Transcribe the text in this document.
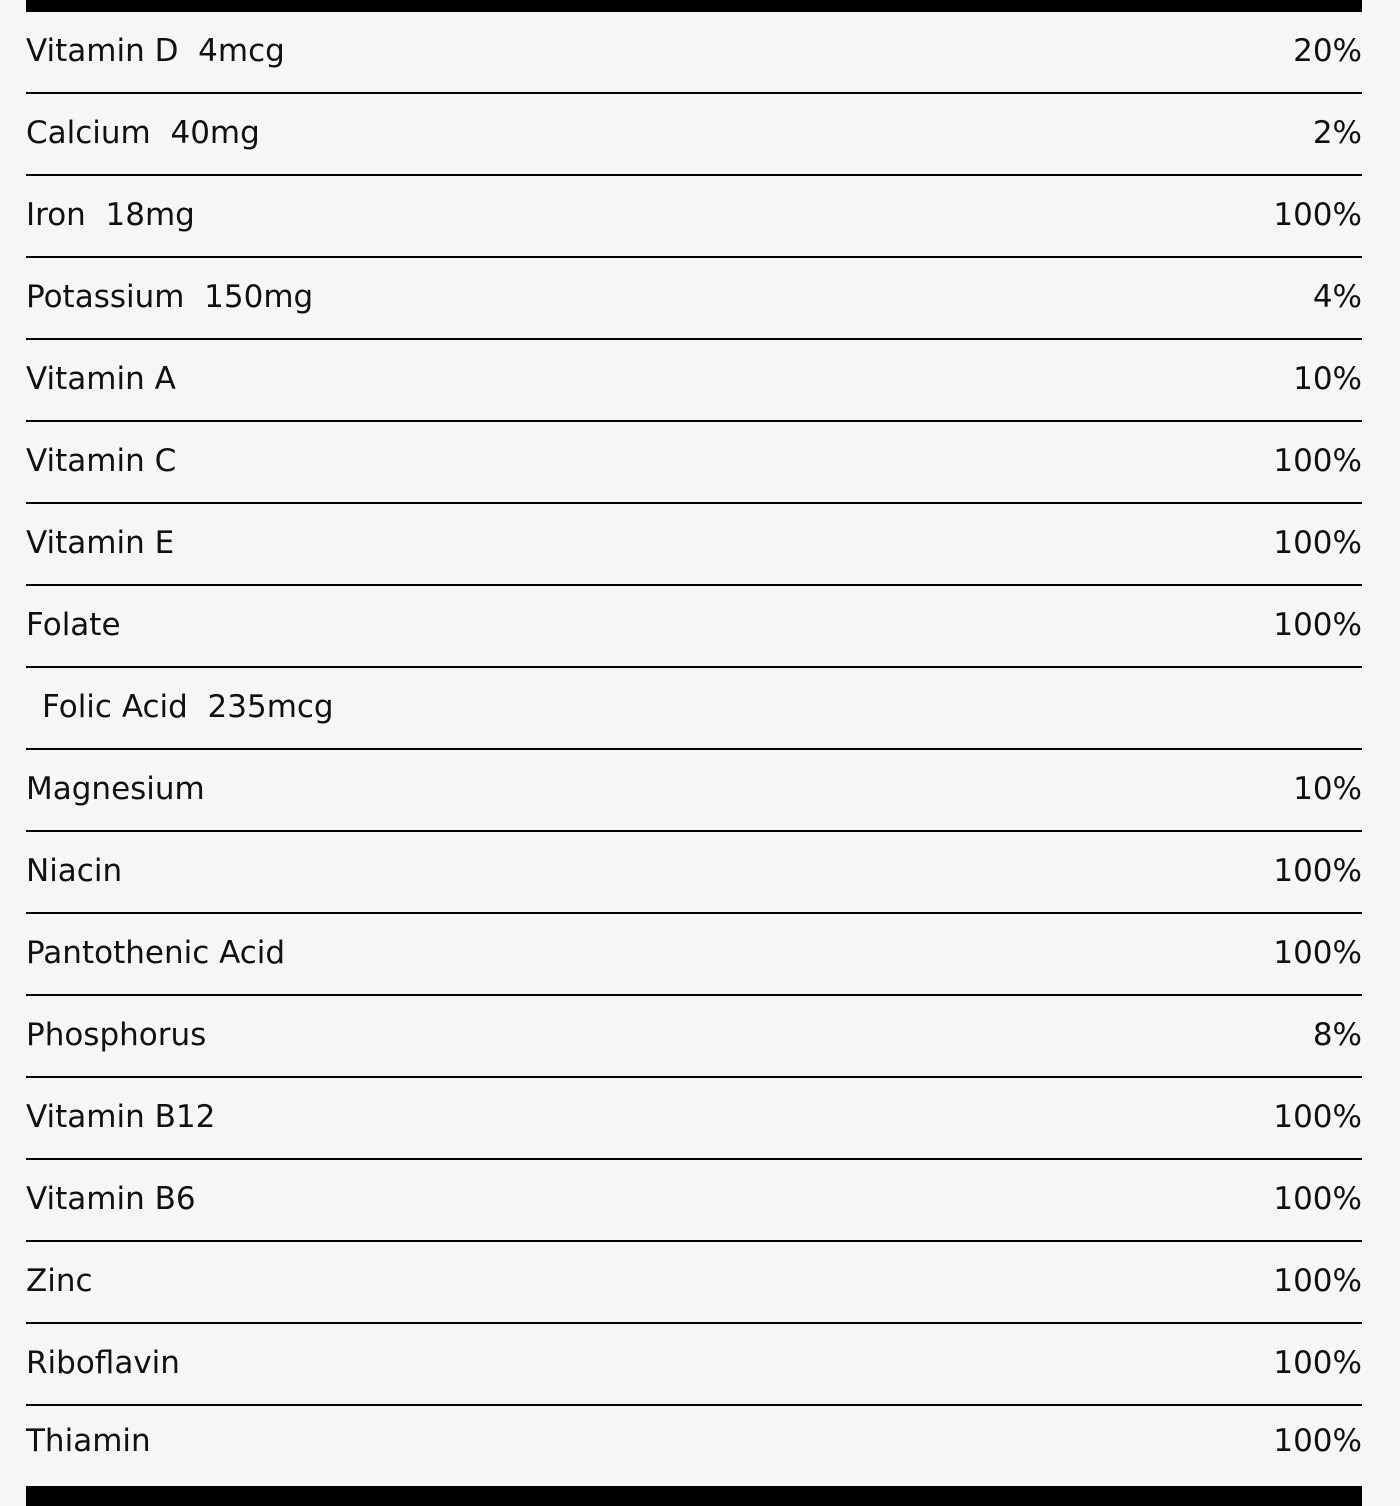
Vitamin D  4mcg	20%
Calcium  40mg	2%
Iron  18mg	100%
Potassium  150mg	4%
Vitamin A	10%
Vitamin C	100%
Vitamin E	100%
Folate	100%
Folic Acid  235mcg
Magnesium	10%
Niacin	100%
Pantothenic Acid	100%
Phosphorus	8%
Vitamin B12	100%
Vitamin B6	100%
Zinc	100%
Riboflavin	100%
Thiamin	100%
